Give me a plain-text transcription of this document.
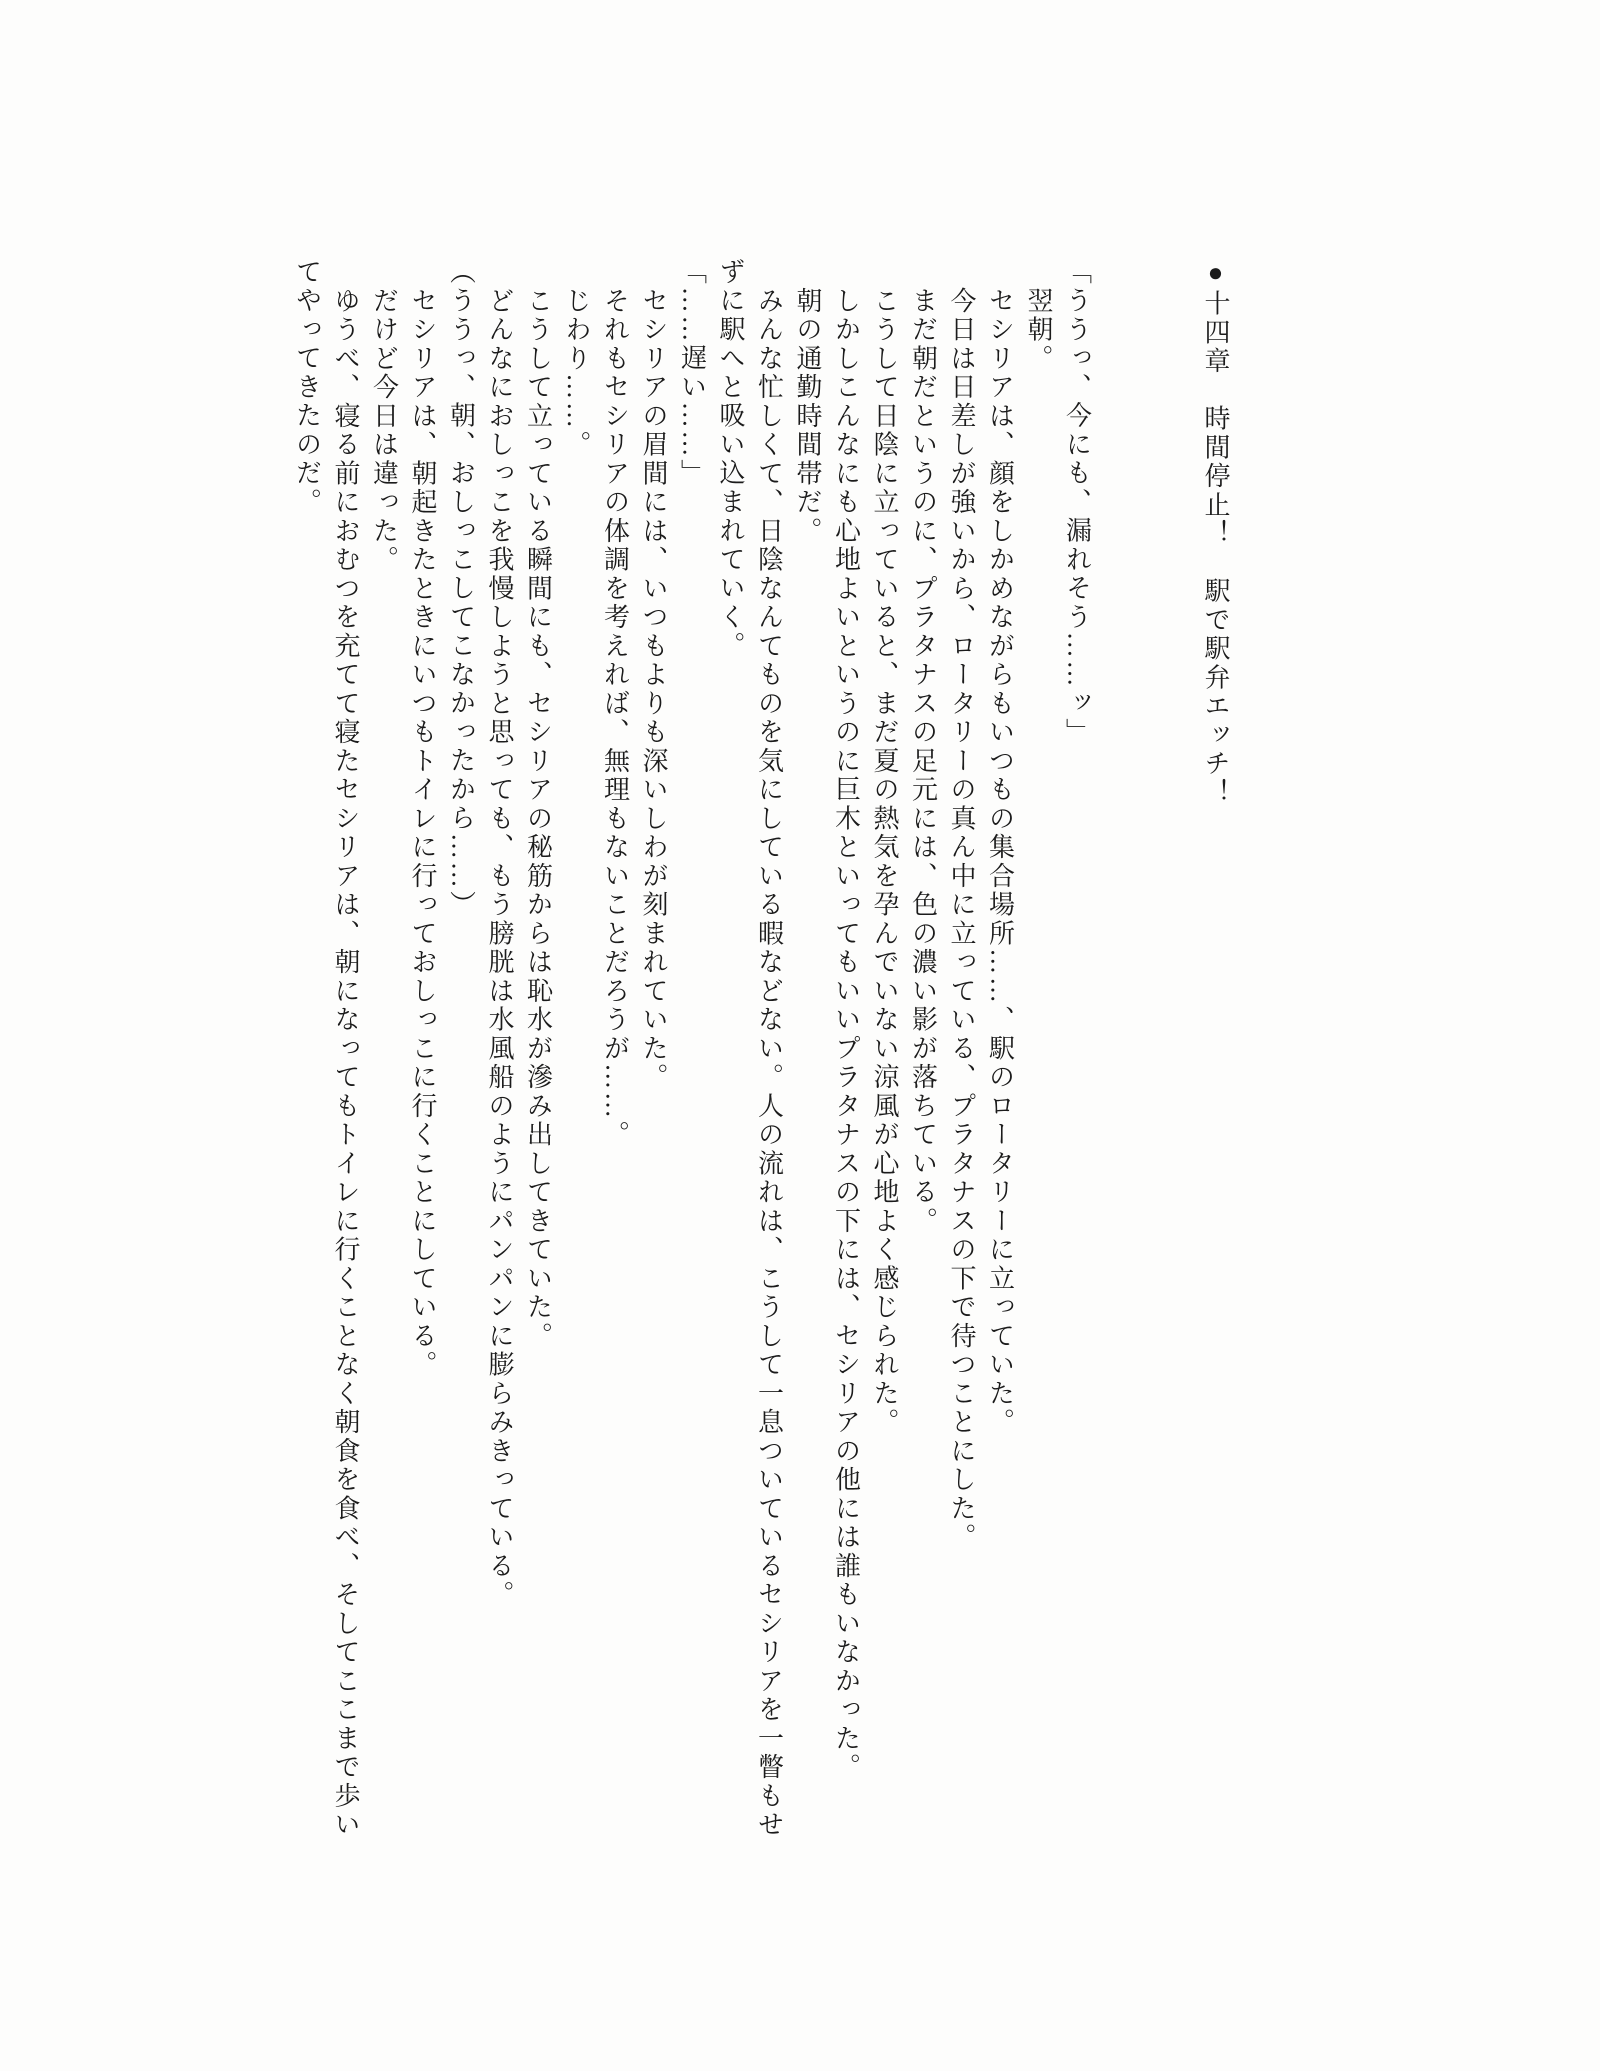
●十四章　時間停止！　駅で駅弁エッチ！

「ううっ、今にも、漏れそう……ッ」

翌朝。

セシリアは、顔をしかめながらもいつもの集合場所……、駅のロータリーに立っていた。

今日は日差しが強いから、ロータリーの真ん中に立っている、プラタナスの下で待つことにした。

まだ朝だというのに、プラタナスの足元には、色の濃い影が落ちている。

こうして日陰に立っていると、まだ夏の熱気を孕んでいない涼風が心地よく感じられた。

しかしこんなにも心地よいというのに巨木といってもいいプラタナスの下には、セシリアの他には誰もいなかった。

朝の通勤時間帯だ。

みんな忙しくて、日陰なんてものを気にしている暇などない。人の流れは、こうして一息ついているセシリアを一瞥もせずに駅へと吸い込まれていく。

「……遅い……」

セシリアの眉間には、いつもよりも深いしわが刻まれていた。

それもセシリアの体調を考えれば、無理もないことだろうが……。

じわり……。

こうして立っている瞬間にも、セシリアの秘筋からは恥水が滲み出してきていた。

どんなにおしっこを我慢しようと思っても、もう膀胱は水風船のようにパンパンに膨らみきっている。

（ううっ、朝、おしっこしてこなかったから……）

セシリアは、朝起きたときにいつもトイレに行っておしっこに行くことにしている。

だけど今日は違った。

ゆうべ、寝る前におむつを充てて寝たセシリアは、朝になってもトイレに行くことなく朝食を食べ、そしてここまで歩いてやってきたのだ。
